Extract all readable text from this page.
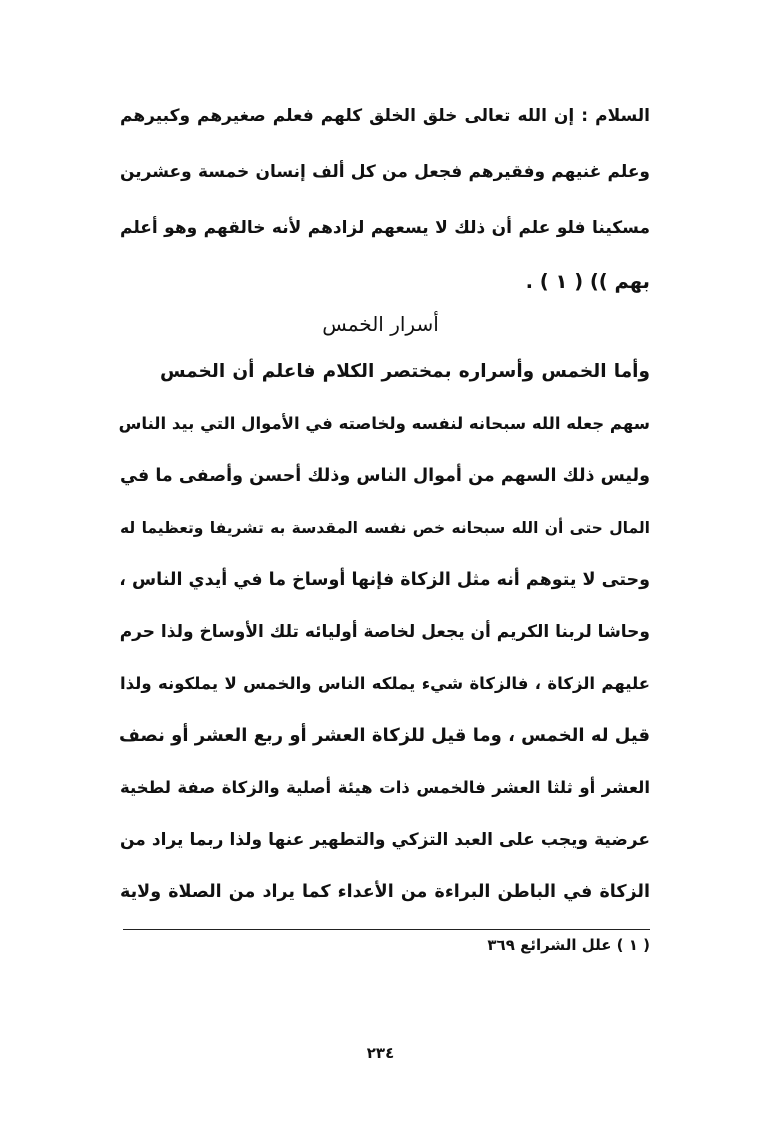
السلام : إن الله تعالى خلق الخلق كلهم فعلم صغيرهم وكبيرهم
وعلم غنيهم وفقيرهم فجعل من كل ألف إنسان خمسة وعشرين
مسكينا فلو علم أن ذلك لا يسعهم لزادهم لأنه خالقهم وهو أعلم
بهم )) ( ١ ) .
أسرار الخمس
وأما الخمس وأسراره بمختصر الكلام فاعلم أن الخمس
سهم جعله الله سبحانه لنفسه ولخاصته في الأموال التي بيد الناس
وليس ذلك السهم من أموال الناس وذلك أحسن وأصفى ما في
المال حتى أن الله سبحانه خص نفسه المقدسة به تشريفا وتعظيما له
وحتى لا يتوهم أنه مثل الزكاة فإنها أوساخ ما في أيدي الناس ،
وحاشا لربنا الكريم أن يجعل لخاصة أوليائه تلك الأوساخ ولذا حرم
عليهم الزكاة ، فالزكاة شيء يملكه الناس والخمس لا يملكونه ولذا
قيل له الخمس ، وما قيل للزكاة العشر أو ربع العشر أو نصف
العشر أو ثلثا العشر فالخمس ذات هيئة أصلية والزكاة صفة لطخية
عرضية ويجب على العبد التزكي والتطهير عنها ولذا ربما يراد من
الزكاة في الباطن البراءة من الأعداء كما يراد من الصلاة ولاية
( ١ ) علل الشرائع ٣٦٩
٢٣٤
